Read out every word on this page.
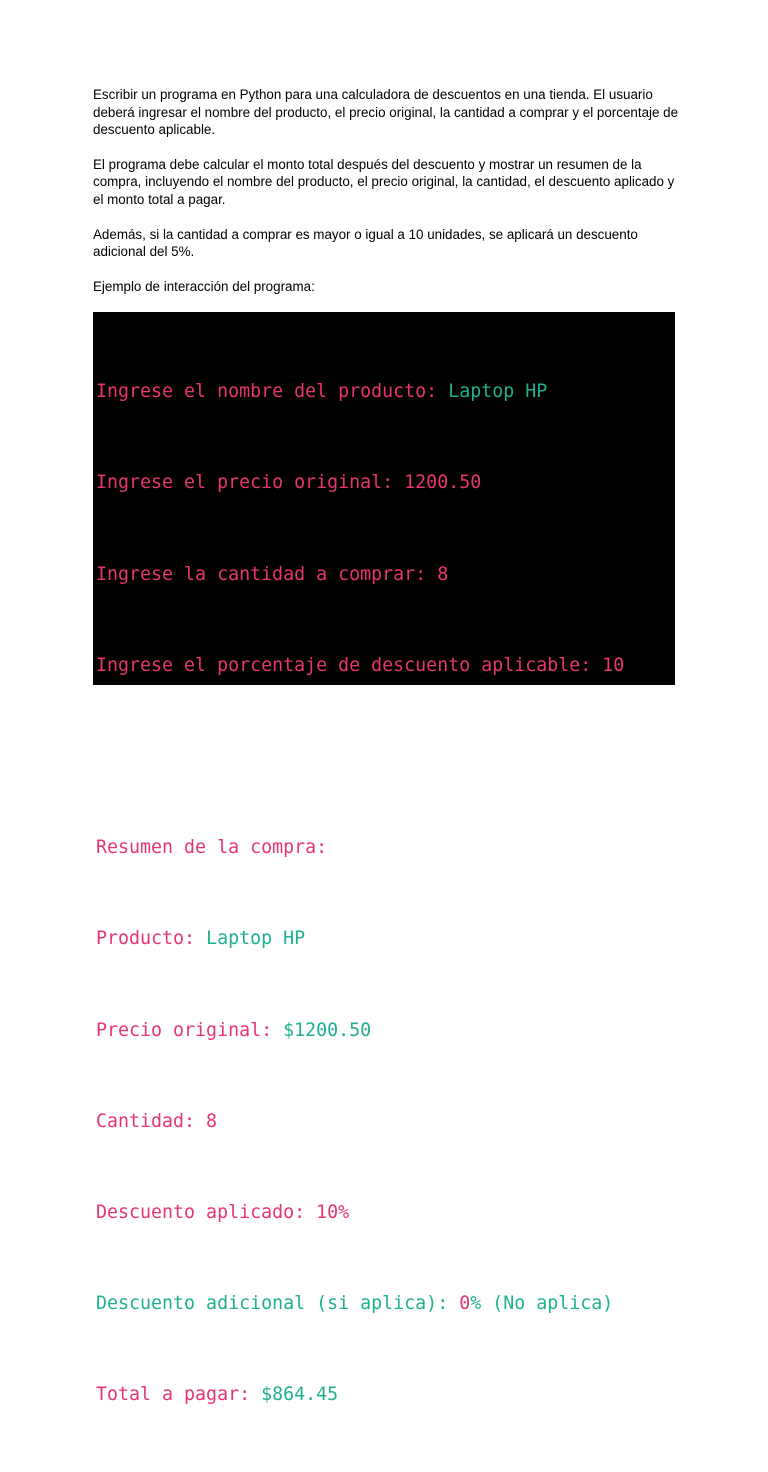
Escribir un programa en Python para una calculadora de descuentos en una tienda. El usuario deberá ingresar el nombre del producto, el precio original, la cantidad a comprar y el porcentaje de descuento aplicable.

El programa debe calcular el monto total después del descuento y mostrar un resumen de la compra, incluyendo el nombre del producto, el precio original, la cantidad, el descuento aplicado y el monto total a pagar.

Además, si la cantidad a comprar es mayor o igual a 10 unidades, se aplicará un descuento adicional del 5%.

Ejemplo de interacción del programa:

Ingrese el nombre del producto: Laptop HP

Ingrese el precio original: 1200.50

Ingrese la cantidad a comprar: 8

Ingrese el porcentaje de descuento aplicable: 10

Resumen de la compra:

Producto: Laptop HP

Precio original: $1200.50

Cantidad: 8

Descuento aplicado: 10%

Descuento adicional (si aplica): 0% (No aplica)

Total a pagar: $864.45
